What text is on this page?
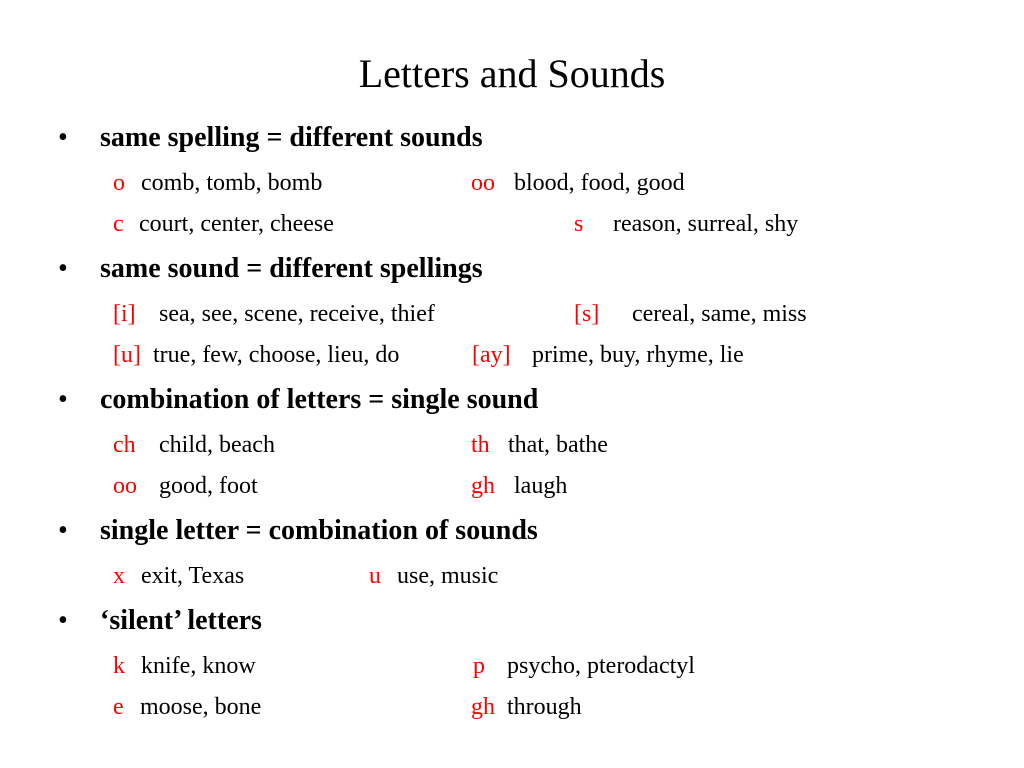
Letters and Sounds
• same spelling = different sounds
o comb, tomb, bomb	oo blood, food, good
c court, center, cheese	s reason, surreal, shy
• same sound = different spellings
[i] sea, see, scene, receive, thief	[s] cereal, same, miss
[u] true, few, choose, lieu, do	[ay] prime, buy, rhyme, lie
• combination of letters = single sound
ch child, beach	th that, bathe
oo good, foot	gh laugh
• single letter = combination of sounds
x exit, Texas	u use, music
• ‘silent’ letters
k knife, know	p psycho, pterodactyl
e moose, bone	gh through
